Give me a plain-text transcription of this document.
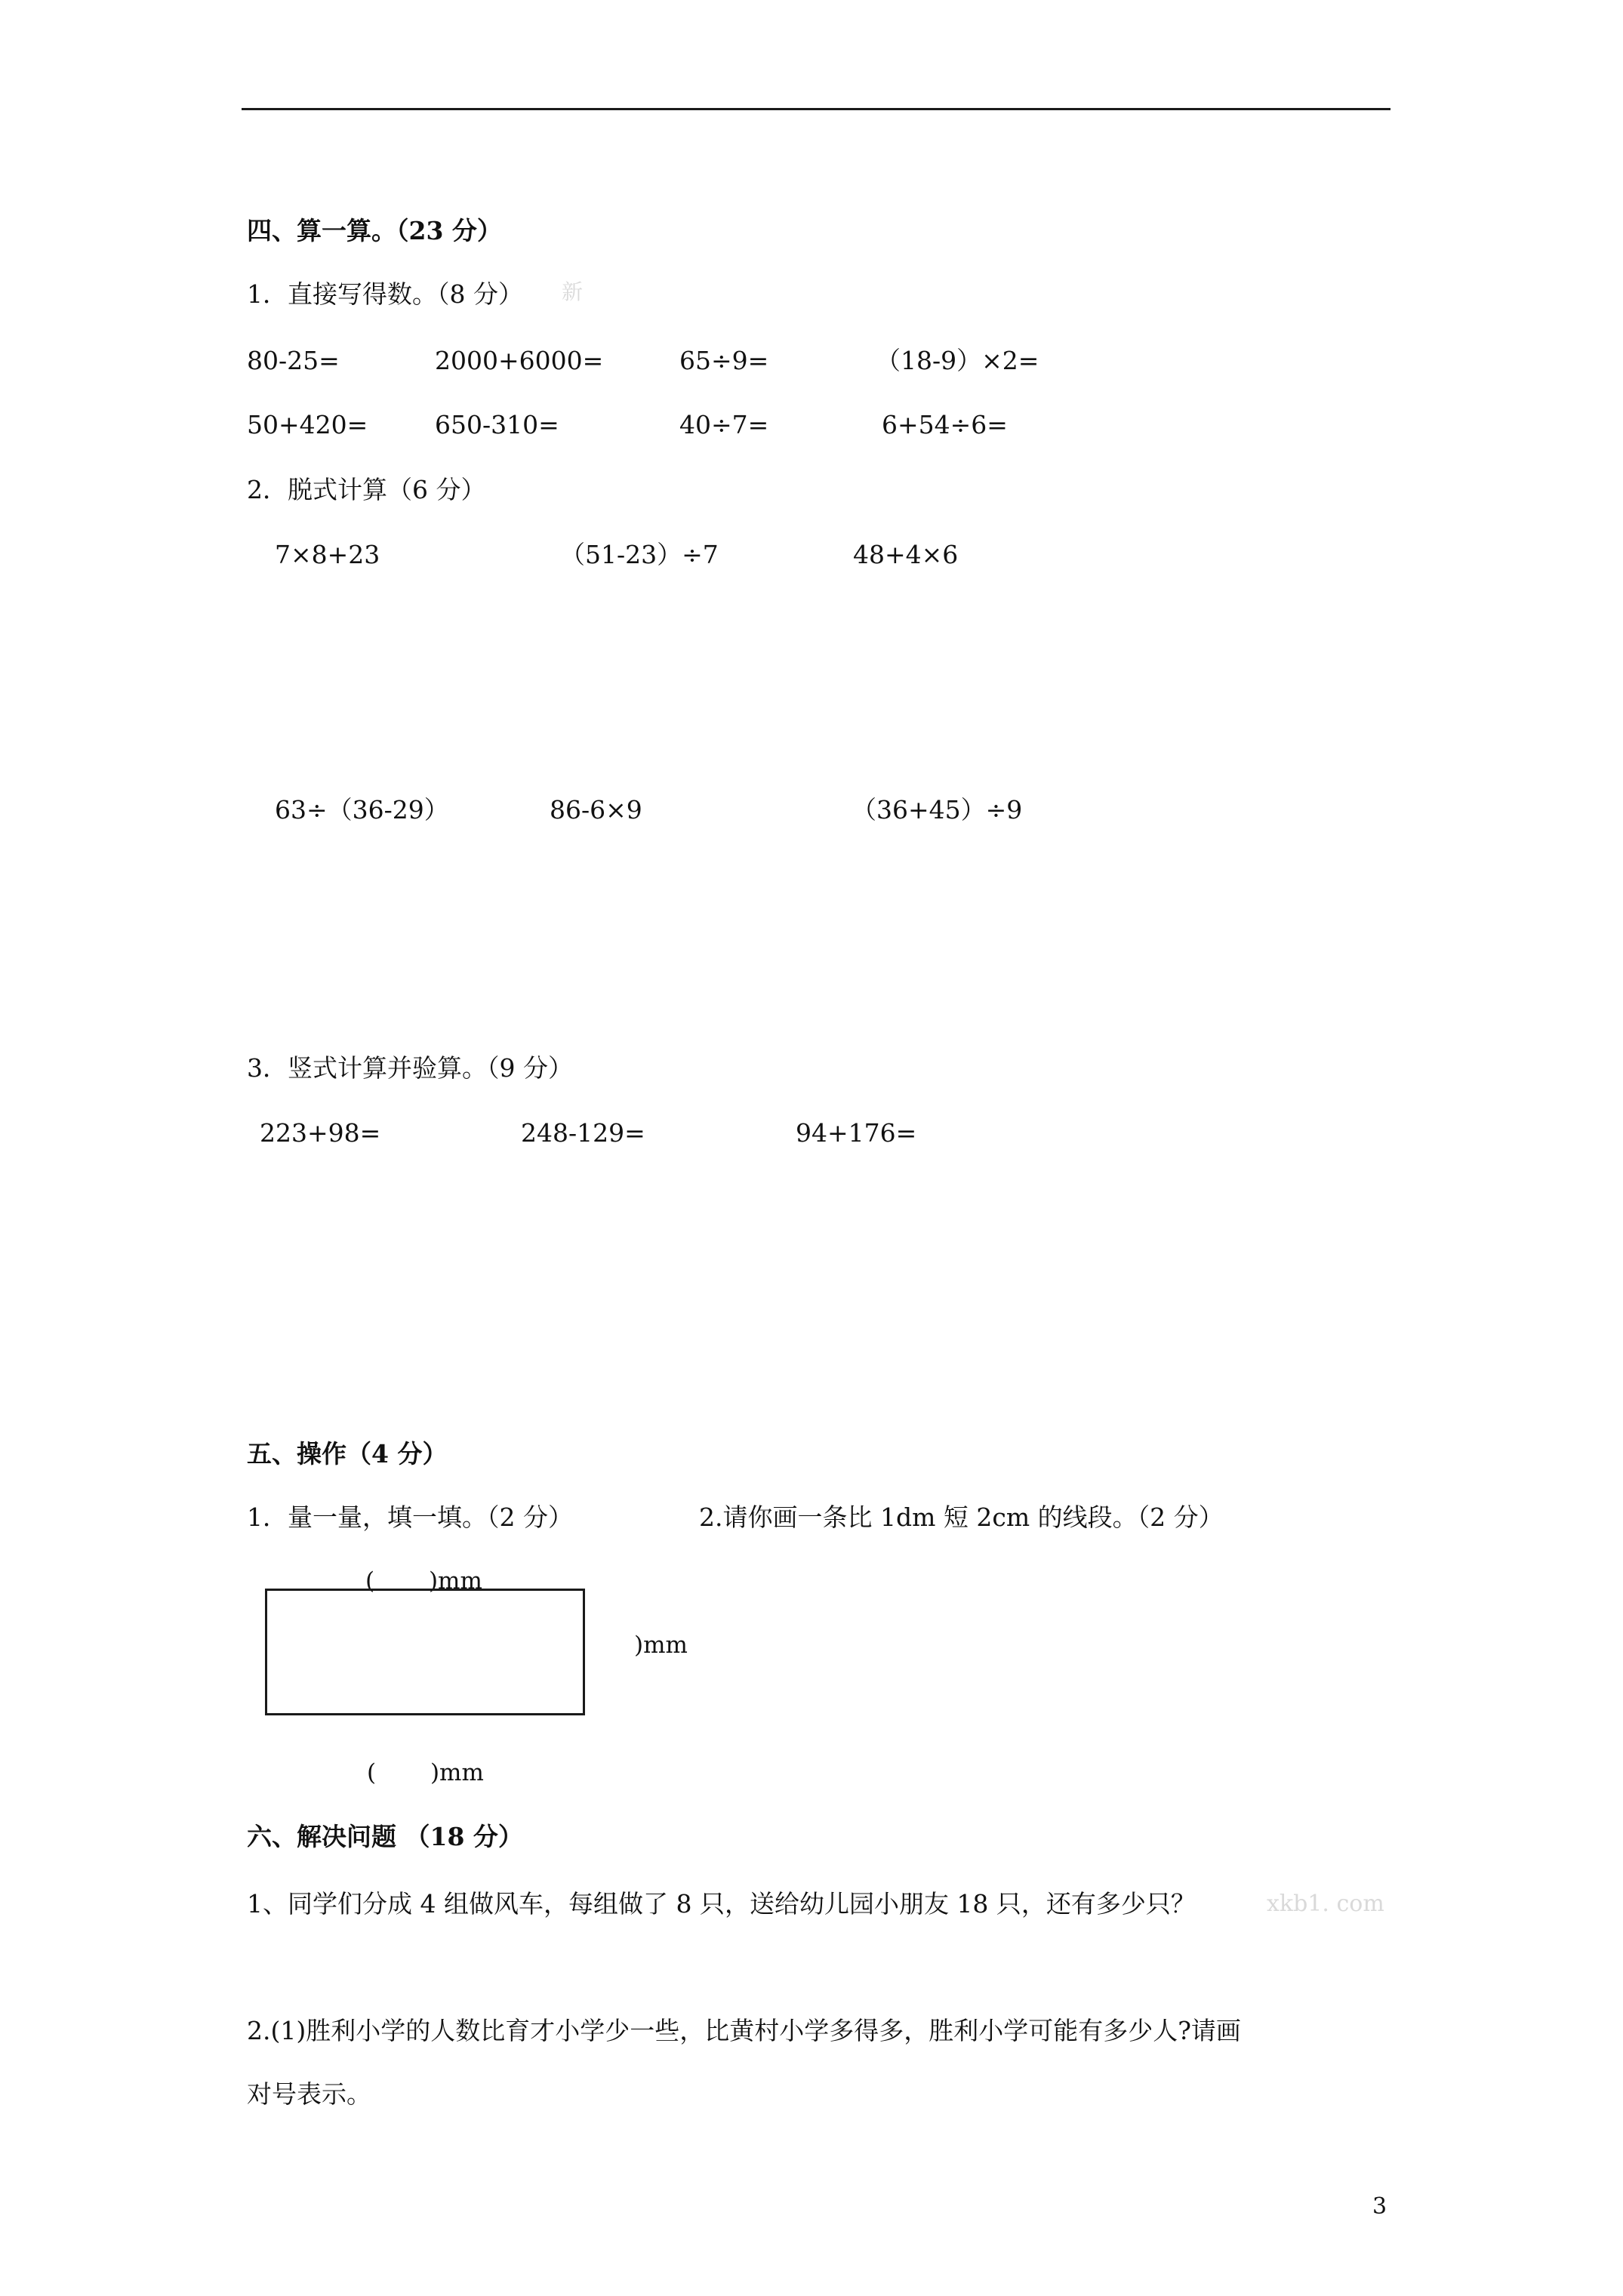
四、算一算。（23 分）
1．直接写得数。（8 分） 新
80-25=	2000+6000=	65÷9=	（18-9）×2=
50+420=	650-310=	40÷7=	6+54÷6=
2．脱式计算（6 分）
7×8+23	（51-23）÷7	48+4×6
63÷（36-29）	86-6×9	（36+45）÷9
3．竖式计算并验算。（9 分）
223+98=	248-129=	94+176=
五、操作（4 分）
1．量一量，填一填。（2 分）	2.请你画一条比 1dm 短 2cm 的线段。（2 分）
(　　 )mm
)mm
(　　 )mm
六、解决问题 （18 分）
1、同学们分成 4 组做风车，每组做了 8 只，送给幼儿园小朋友 18 只，还有多少只？	xkb1. com
2.(1)胜利小学的人数比育才小学少一些，比黄村小学多得多，胜利小学可能有多少人?请画
对号表示。
3
